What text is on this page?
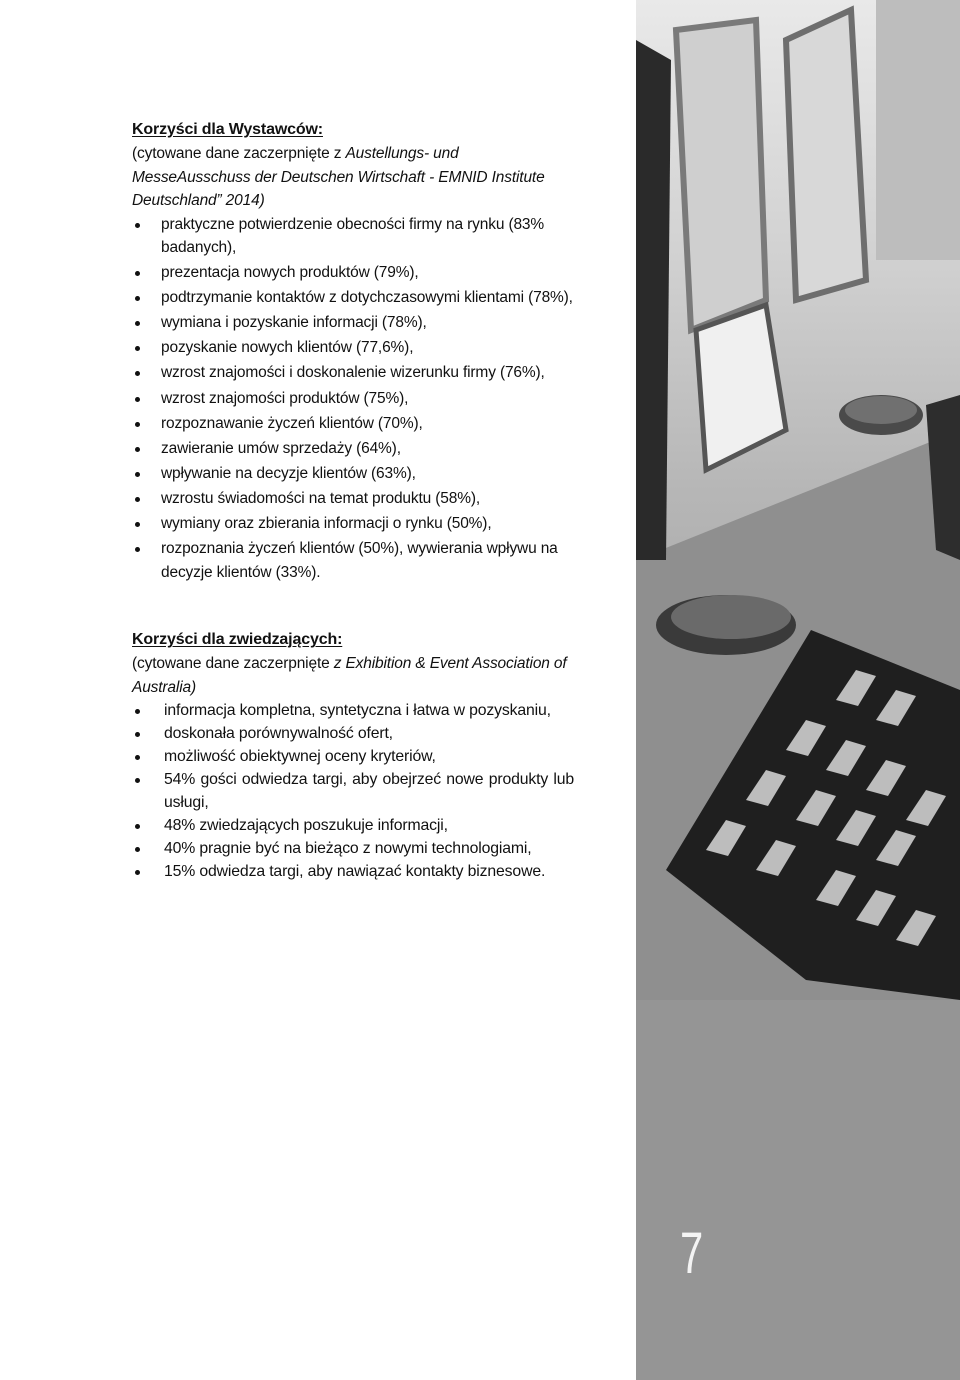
Korzyści dla Wystawców:

(cytowane dane zaczerpnięte z Austellungs- und MesseAusschuss der Deutschen Wirtschaft - EMNID Institute Deutschland” 2014)

praktyczne potwierdzenie obecności firmy na rynku (83% badanych),
prezentacja nowych produktów (79%),
podtrzymanie kontaktów z dotychczasowymi klientami (78%),
wymiana i pozyskanie informacji (78%),
pozyskanie nowych klientów (77,6%),
wzrost znajomości i doskonalenie wizerunku firmy (76%),
wzrost znajomości produktów (75%),
rozpoznawanie życzeń klientów (70%),
zawieranie umów sprzedaży (64%),
wpływanie na decyzje klientów (63%),
wzrostu świadomości na temat produktu (58%),
wymiany oraz zbierania informacji o rynku (50%),
rozpoznania życzeń klientów (50%), wywierania wpływu na decyzje klientów (33%).

Korzyści dla zwiedzających:

(cytowane dane zaczerpnięte z Exhibition & Event Association of Australia)

informacja kompletna, syntetyczna i łatwa w pozyskaniu,
doskonała porównywalność ofert,
możliwość obiektywnej oceny kryteriów,
54% gości odwiedza targi, aby obejrzeć nowe produkty lub usługi,
48% zwiedzających poszukuje informacji,
40% pragnie być na bieżąco z nowymi technologiami,
15% odwiedza targi, aby nawiązać kontakty biznesowe.
7
